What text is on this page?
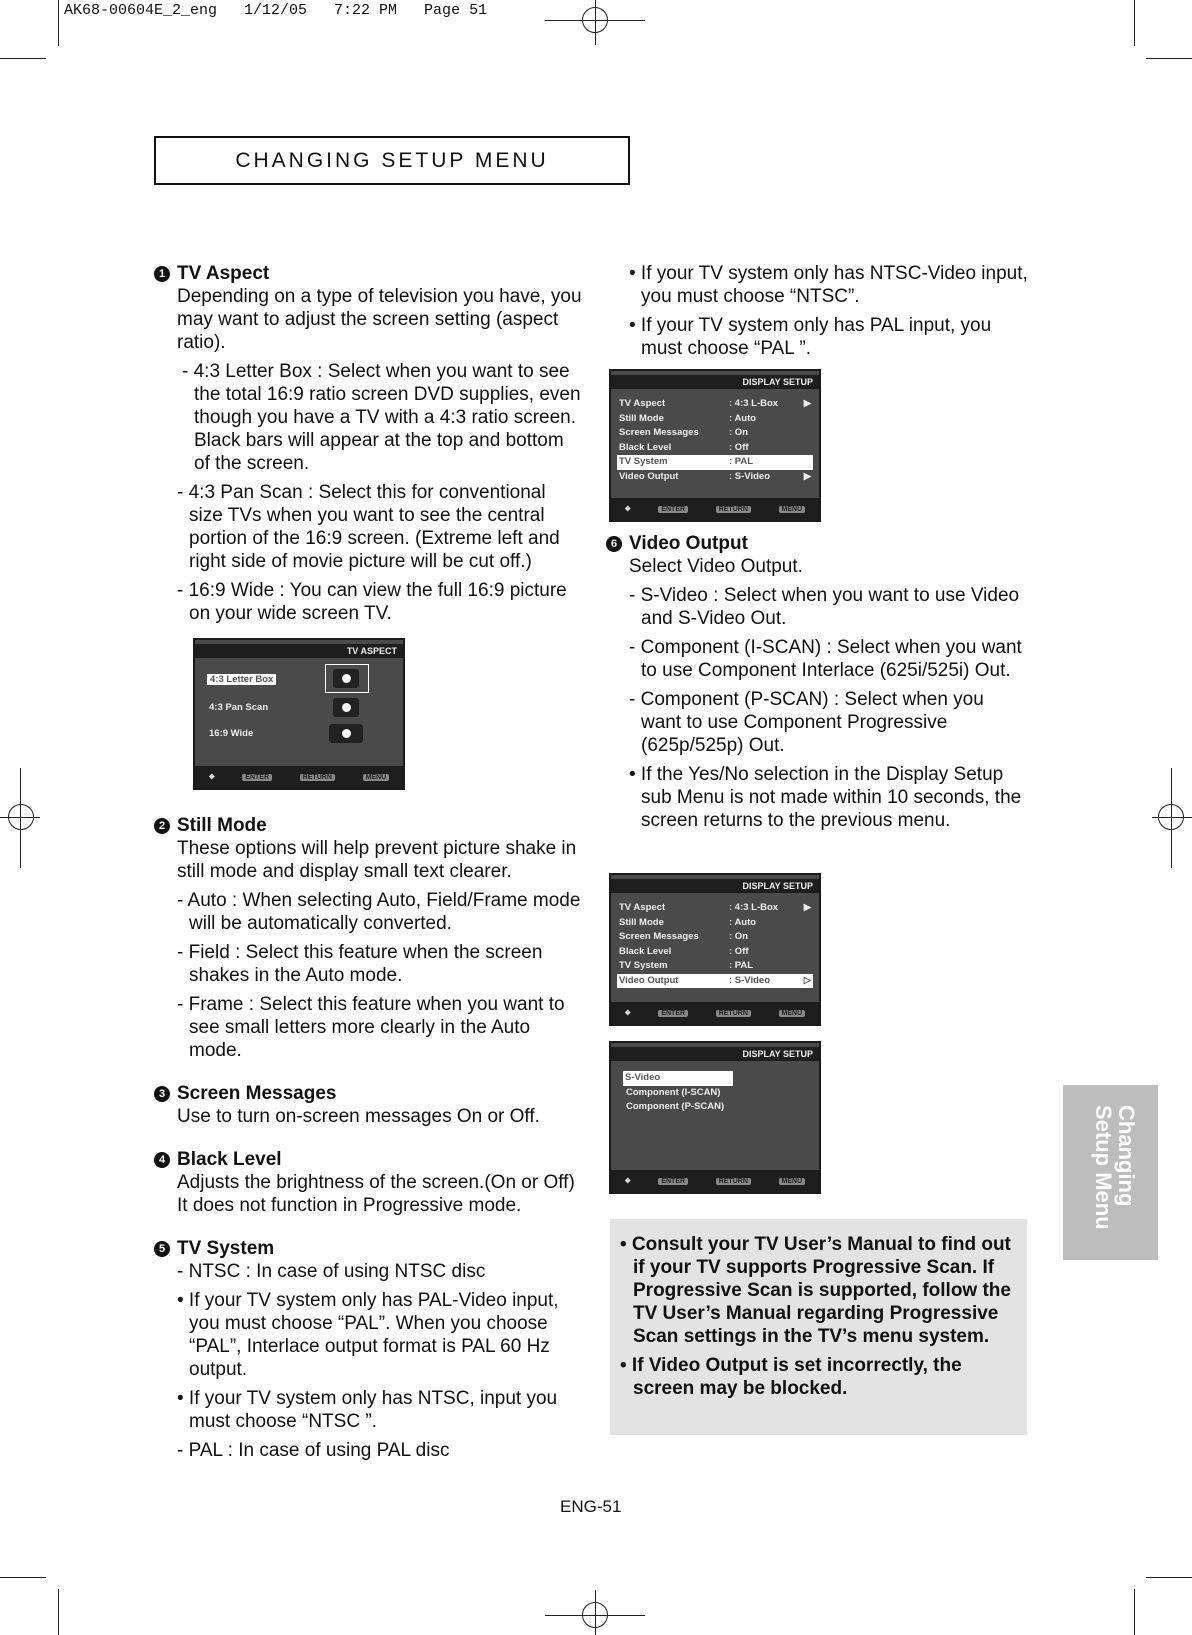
AK68-00604E_2_eng   1/12/05   7:22 PM   Page 51
CHANGING SETUP MENU
1 TV Aspect
Depending on a type of television you have, you may want to adjust the screen setting (aspect ratio).
- 4:3 Letter Box : Select when you want to see the total 16:9 ratio screen DVD supplies, even though you have a TV with a 4:3 ratio screen. Black bars will appear at the top and bottom of the screen.
- 4:3 Pan Scan : Select this for conventional size TVs when you want to see the central portion of the 16:9 screen. (Extreme left and right side of movie picture will be cut off.)
- 16:9 Wide : You can view the full 16:9 picture on your wide screen TV.
2 Still Mode
These options will help prevent picture shake in still mode and display small text clearer.
- Auto : When selecting Auto, Field/Frame mode will be automatically converted.
- Field : Select this feature when the screen shakes in the Auto mode.
- Frame : Select this feature when you want to see small letters more clearly in the Auto mode.
3 Screen Messages
Use to turn on-screen messages On or Off.
4 Black Level
Adjusts the brightness of the screen.(On or Off) It does not function in Progressive mode.
5 TV System
- NTSC : In case of using NTSC disc
• If your TV system only has PAL-Video input, you must choose “PAL”. When you choose “PAL”, Interlace output format is PAL 60 Hz output.
• If your TV system only has NTSC, input you must choose “NTSC ”.
- PAL : In case of using PAL disc
TV ASPECT
4:3 Letter Box
4:3 Pan Scan
16:9 Wide
✥	ENTER	RETURN	MENU
• If your TV system only has NTSC-Video input, you must choose “NTSC”.
• If your TV system only has PAL input, you must choose “PAL ”.
DISPLAY SETUP
TV Aspect	: 4:3 L-Box	▶
Still Mode	: Auto
Screen Messages	: On
Black Level	: Off
TV System	: PAL
Video Output	: S-Video	▶
✥	ENTER	RETURN	MENU
6 Video Output
Select Video Output.
- S-Video : Select when you want to use Video and S-Video Out.
- Component (I-SCAN) : Select when you want to use Component Interlace (625i/525i) Out.
- Component (P-SCAN) : Select when you want to use Component Progressive (625p/525p) Out.
• If the Yes/No selection in the Display Setup sub Menu is not made within 10 seconds, the screen returns to the previous menu.
DISPLAY SETUP
TV Aspect	: 4:3 L-Box	▶
Still Mode	: Auto
Screen Messages	: On
Black Level	: Off
TV System	: PAL
Video Output	: S-Video	▷
✥	ENTER	RETURN	MENU
DISPLAY SETUP
S-Video
Component (I-SCAN)
Component (P-SCAN)
✥	ENTER	RETURN	MENU
• Consult your TV User’s Manual to find out if your TV supports Progressive Scan. If Progressive Scan is supported, follow the TV User’s Manual regarding Progressive Scan settings in the TV’s menu system.
• If Video Output is set incorrectly, the screen may be blocked.
Changing
Setup Menu
ENG-51
